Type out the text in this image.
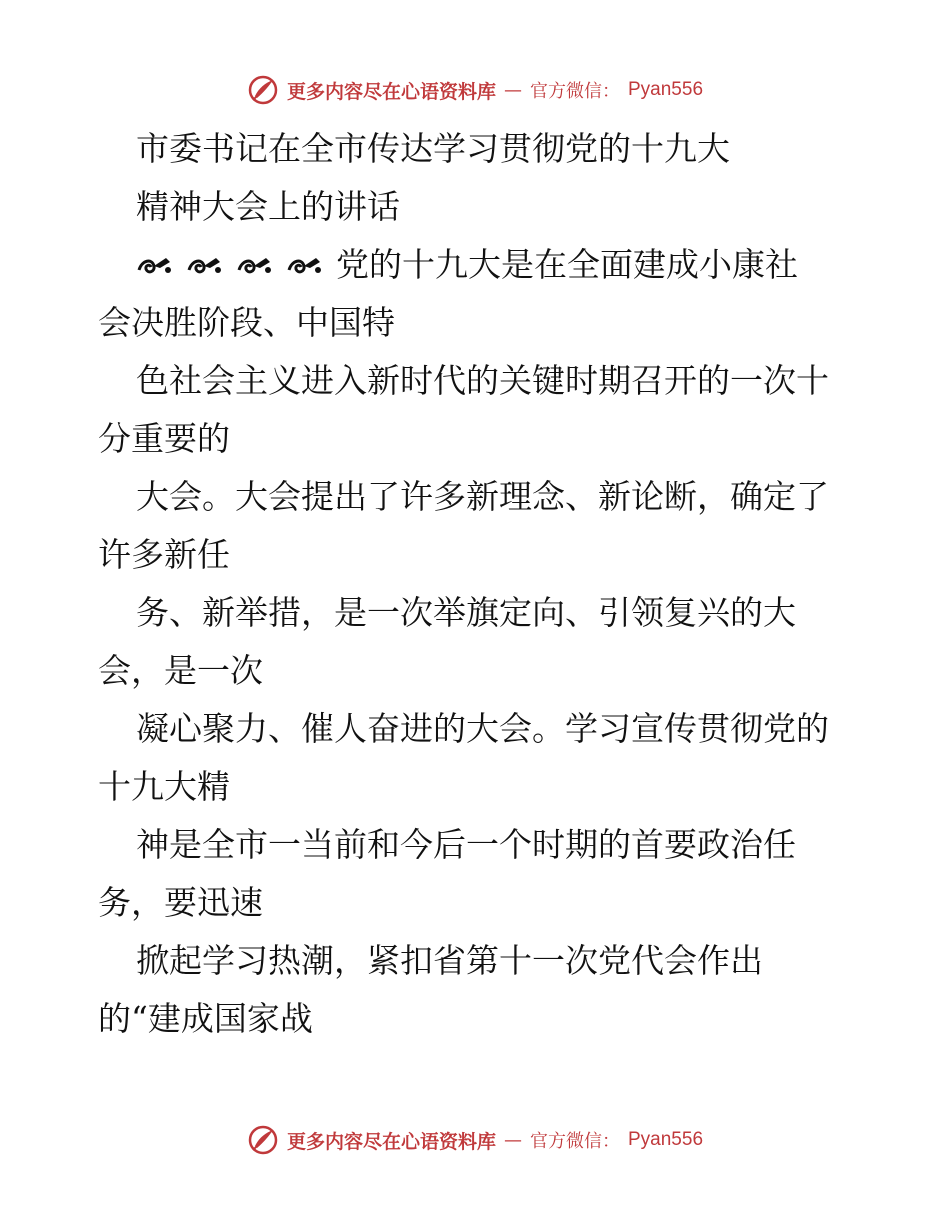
更多内容尽在心语资料库 — 官方微信： Pyan556
市委书记在全市传达学习贯彻党的十九大
精神大会上的讲话
党的十九大是在全面建成小康社
会决胜阶段、中国特
色社会主义进入新时代的关键时期召开的一次十
分重要的
大会。大会提出了许多新理念、新论断，确定了
许多新任
务、新举措，是一次举旗定向、引领复兴的大
会，是一次
凝心聚力、催人奋进的大会。学习宣传贯彻党的
十九大精
神是全市一当前和今后一个时期的首要政治任
务，要迅速
掀起学习热潮，紧扣省第十一次党代会作出
的“建成国家战
更多内容尽在心语资料库 — 官方微信： Pyan556
